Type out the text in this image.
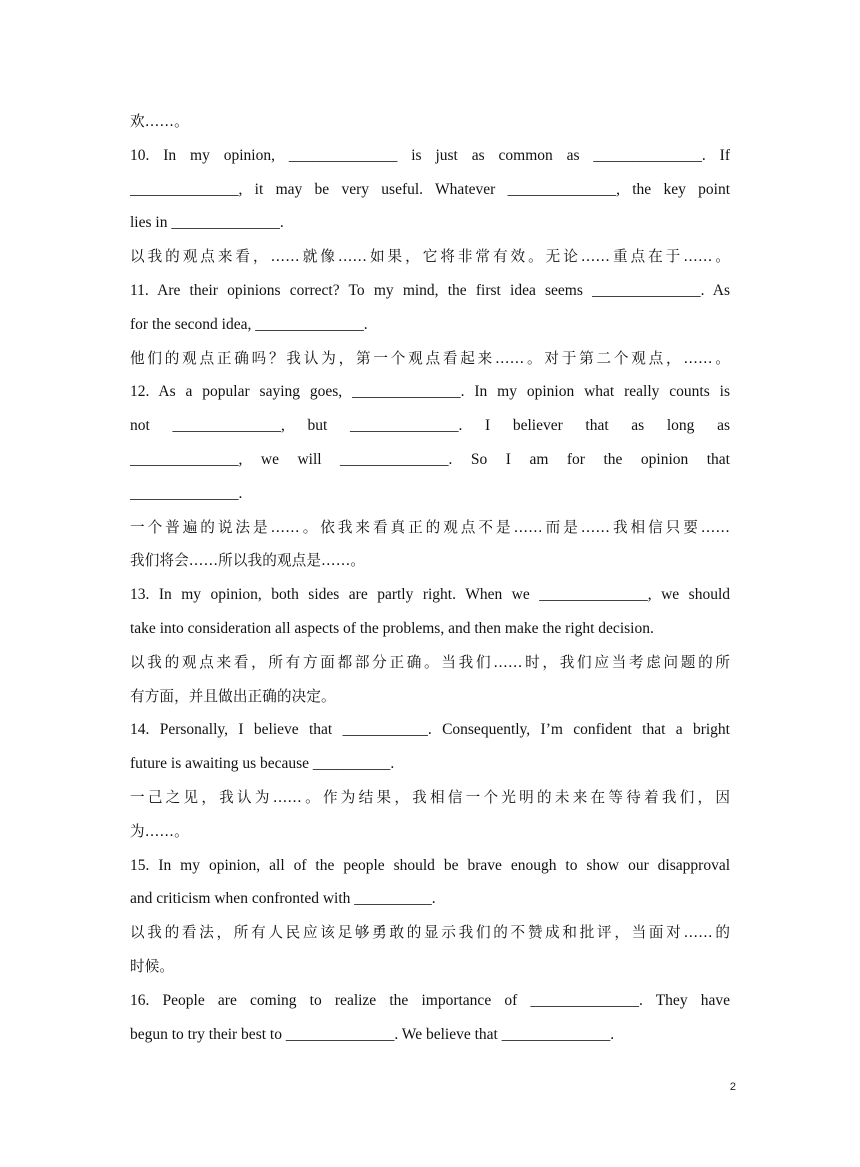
欢……。
10. In my opinion, ______________ is just as common as ______________. If
______________, it may be very useful. Whatever ______________, the key point
lies in ______________.
以我的观点来看，……就像……如果，它将非常有效。无论……重点在于……。
11. Are their opinions correct? To my mind, the first idea seems ______________. As
for the second idea, ______________.
他们的观点正确吗？我认为，第一个观点看起来……。对于第二个观点，……。
12. As a popular saying goes, ______________. In my opinion what really counts is
not ______________, but ______________. I believer that as long as
______________, we will ______________. So I am for the opinion that
______________.
一个普遍的说法是……。依我来看真正的观点不是……而是……我相信只要……
我们将会……所以我的观点是……。
13. In my opinion, both sides are partly right. When we ______________, we should
take into consideration all aspects of the problems, and then make the right decision.
以我的观点来看，所有方面都部分正确。当我们……时，我们应当考虑问题的所
有方面，并且做出正确的决定。
14. Personally, I believe that ___________. Consequently, I’m confident that a bright
future is awaiting us because __________.
一己之见，我认为……。作为结果，我相信一个光明的未来在等待着我们，因
为……。
15. In my opinion, all of the people should be brave enough to show our disapproval
and criticism when confronted with __________.
以我的看法，所有人民应该足够勇敢的显示我们的不赞成和批评，当面对……的
时候。
16. People are coming to realize the importance of ______________. They have
begun to try their best to ______________. We believe that ______________.
2
